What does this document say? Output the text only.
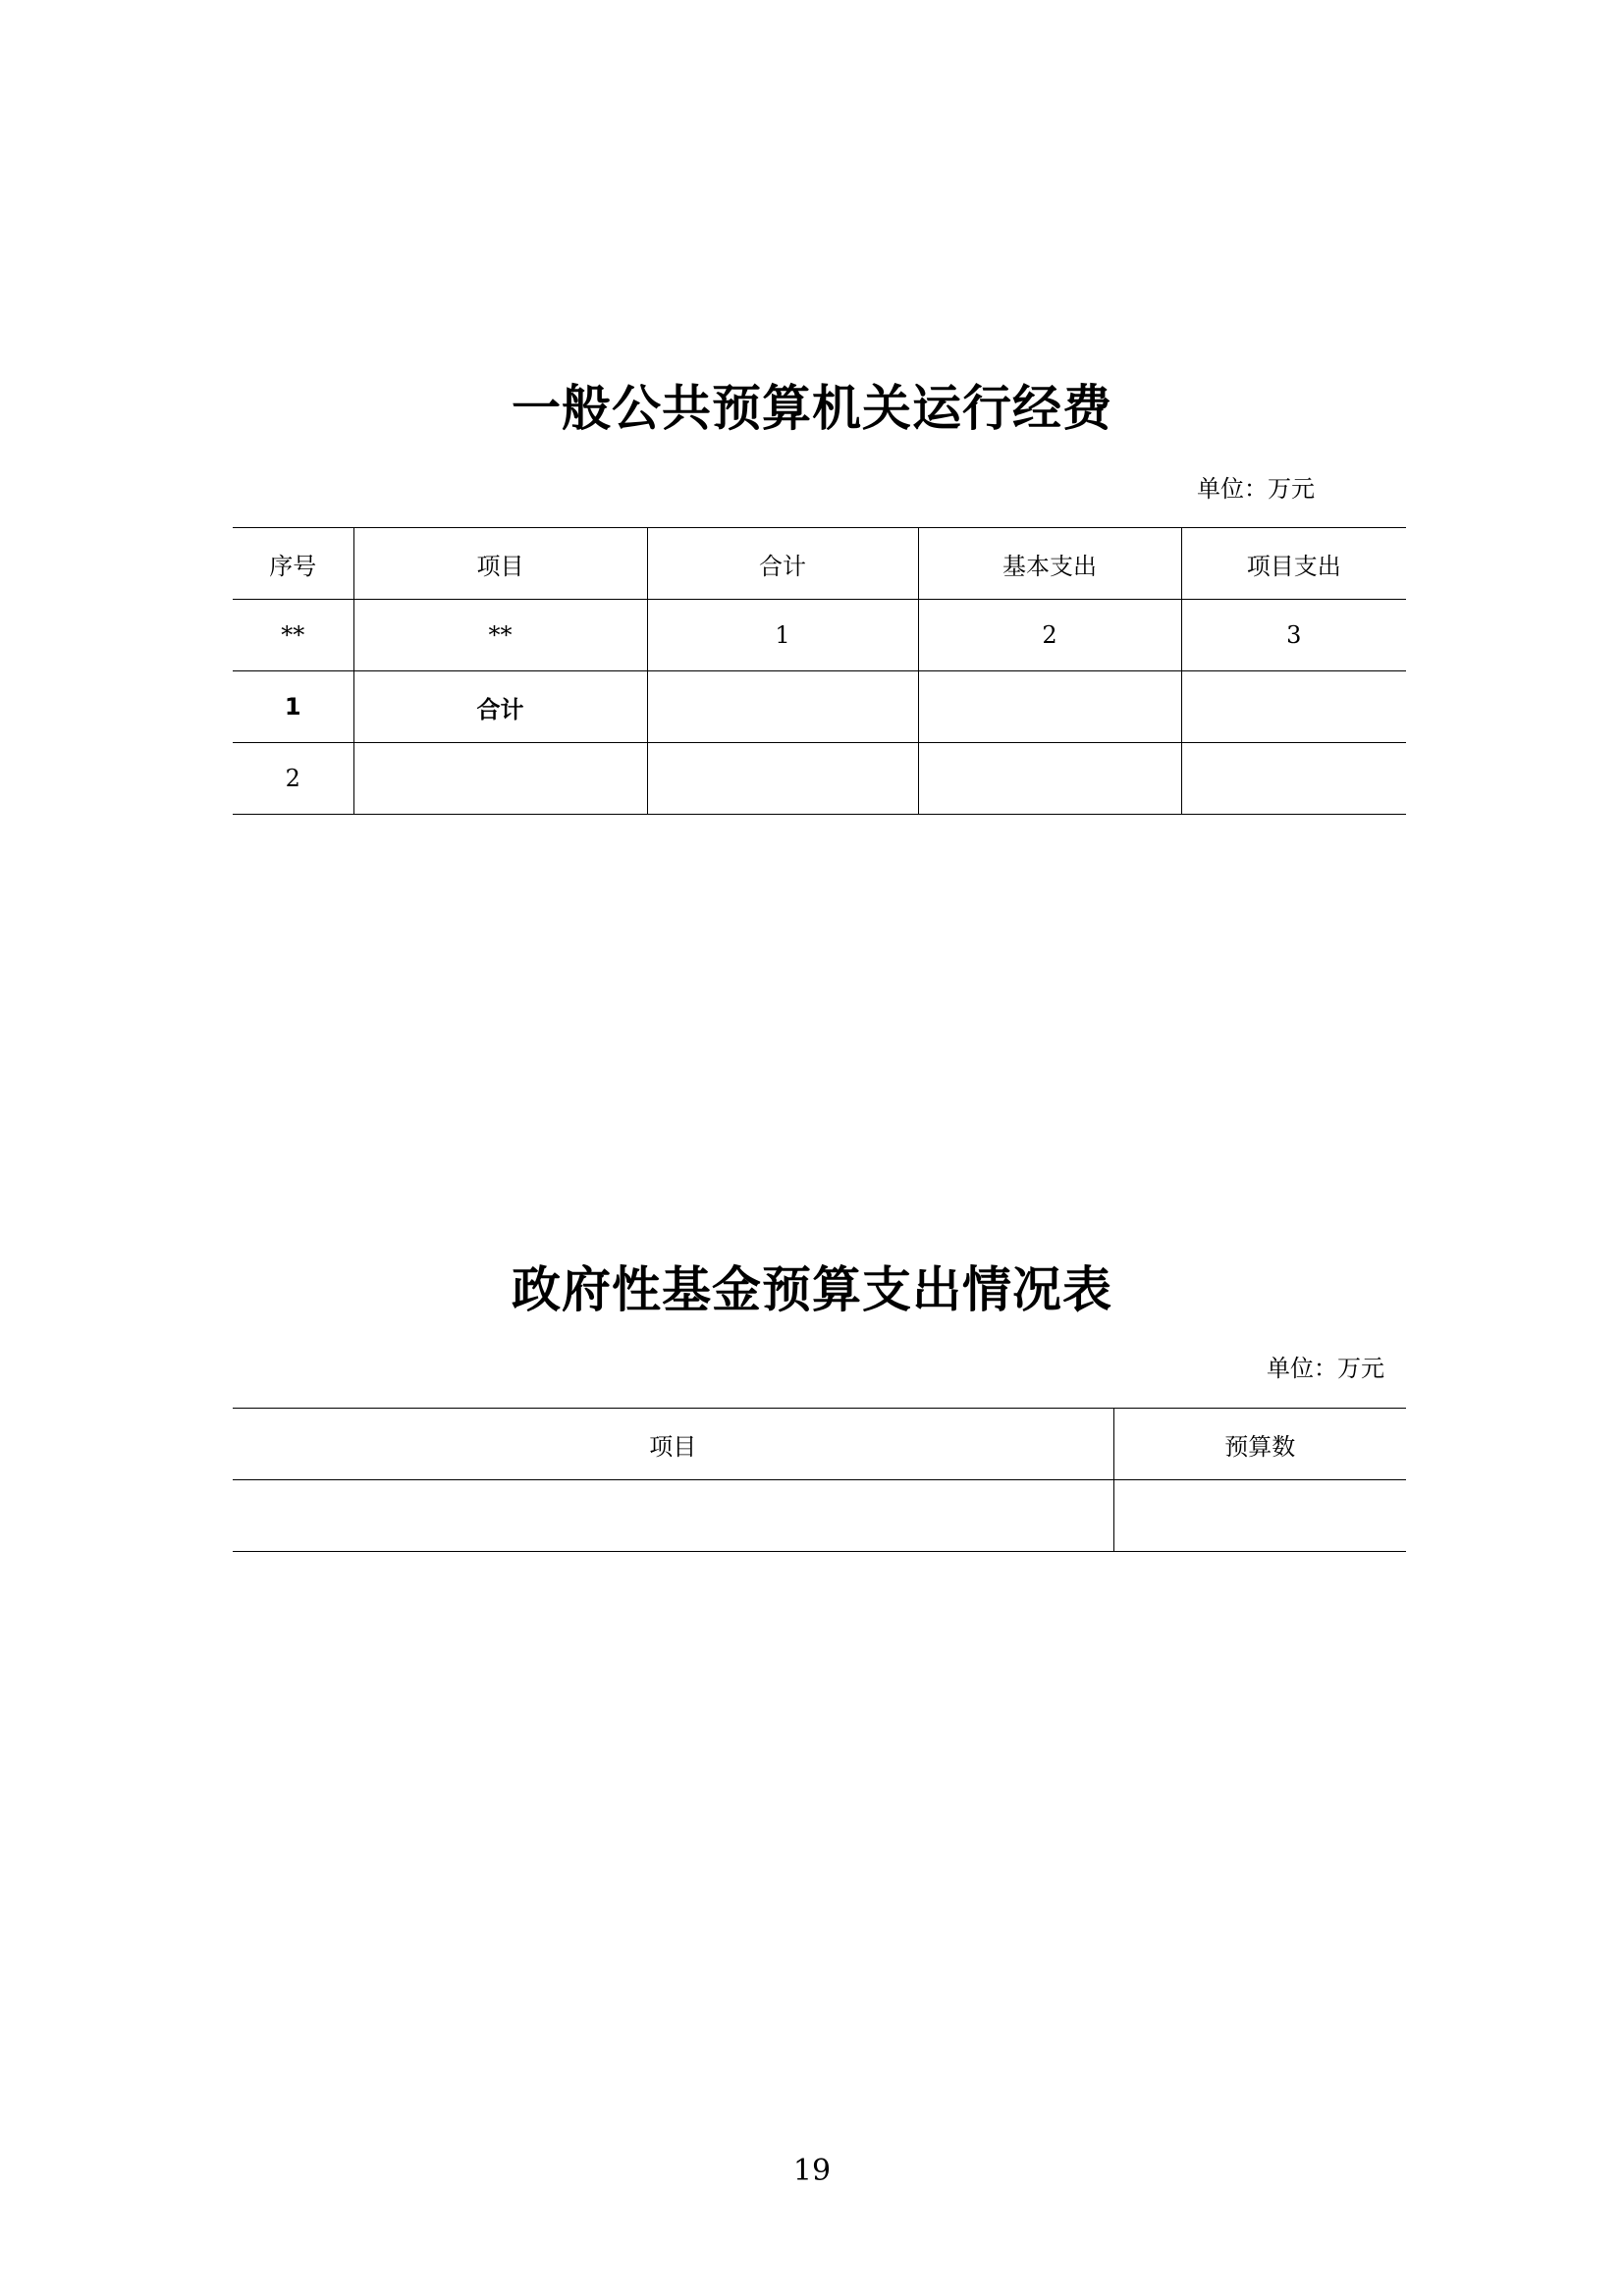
一般公共预算机关运行经费
单位：万元
序号	项目	合计	基本支出	项目支出
**	**	1	2	3
1	合计			
2				
政府性基金预算支出情况表
单位：万元
项目	预算数

19
